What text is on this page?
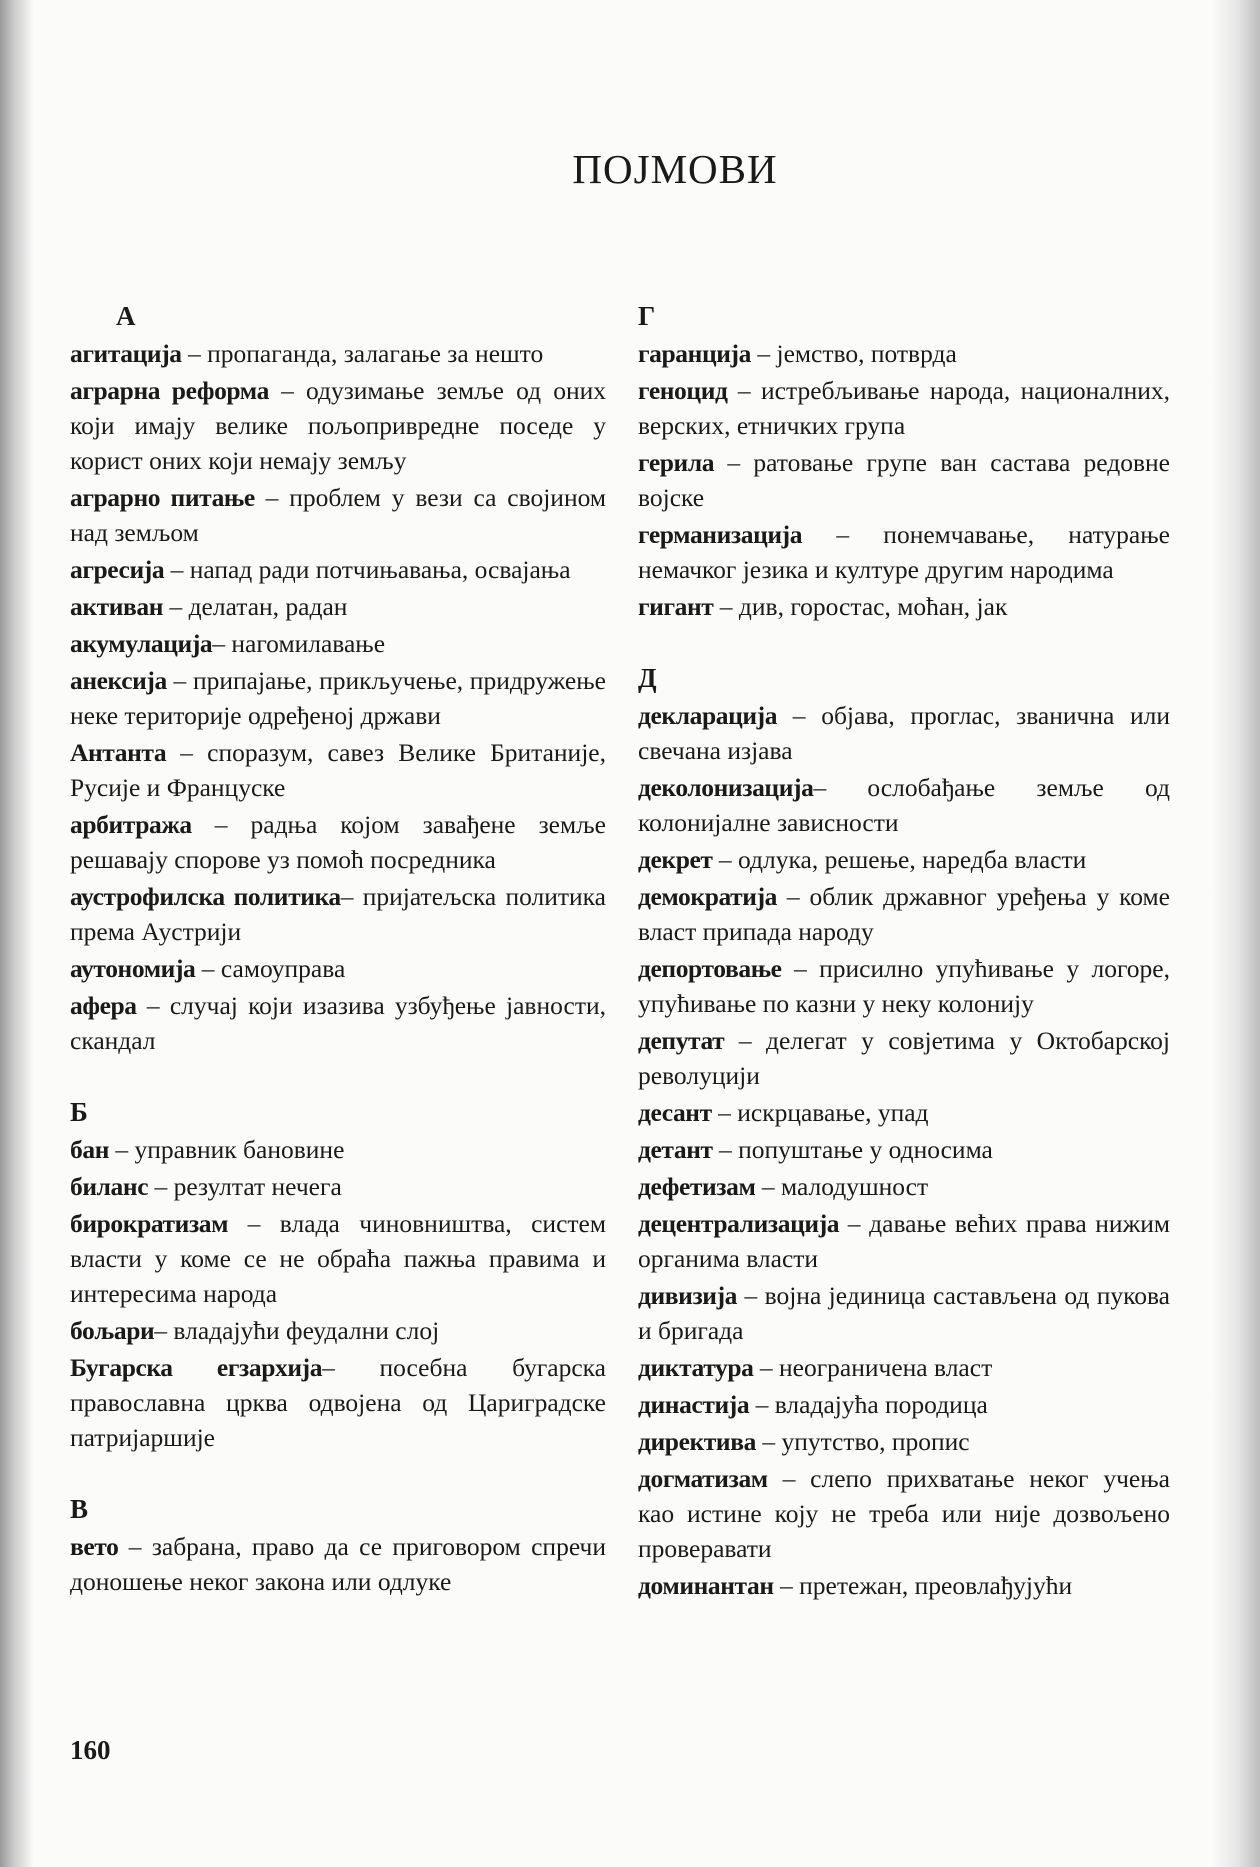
ПОЈМОВИ
А
агитација – пропаганда, залагање за нешто
аграрна реформа – одузимање земље од оних који имају велике пољопривредне поседе у корист оних који немају земљу
аграрно питање – проблем у вези са својином над земљом
агресија – напад ради потчињавања, освајања
активан – делатан, радан
акумулација– нагомилавање
анексија – припајање, прикључење, придружење неке територије одређеној држави
Антанта – споразум, савез Велике Британије, Русије и Француске
арбитража – радња којом завађене земље решавају спорове уз помоћ посредника
аустрофилска политика– пријатељска политика према Аустрији
аутономија – самоуправа
афера – случај који изазива узбуђење јавности, скандал
Б
бан – управник бановине
биланс – резултат нечега
бирократизам – влада чиновништва, систем власти у коме се не обраћа пажња правима и интересима народа
бољари– владајући феудални слој
Бугарска егзархија– посебна бугарска православна црква одвојена од Цариградске патријаршије
В
вето – забрана, право да се приговором спречи доношење неког закона или одлуке
Г
гаранција – јемство, потврда
геноцид – истребљивање народа, националних, верских, етничких група
герила – ратовање групе ван састава редовне војске
германизација – понемчавање, натурање немачког језика и културе другим народима
гигант – див, горостас, моћан, јак
Д
декларација – објава, проглас, званична или свечана изјава
деколонизација– ослобађање земље од колонијалне зависности
декрет – одлука, решење, наредба власти
демократија – облик државног уређења у коме власт припада народу
депортовање – присилно упућивање у логоре, упућивање по казни у неку колонију
депутат – делегат у совјетима у Октобарској револуцији
десант – искрцавање, упад
детант – попуштање у односима
дефетизам – малодушност
децентрализација – давање већих права нижим органима власти
дивизија – војна јединица састављена од пукова и бригада
диктатура – неограничена власт
династија – владајућа породица
директива – упутство, пропис
догматизам – слепо прихватање неког учења као истине коју не треба или није дозвољено проверавати
доминантан – претежан, преовлађујући
160
